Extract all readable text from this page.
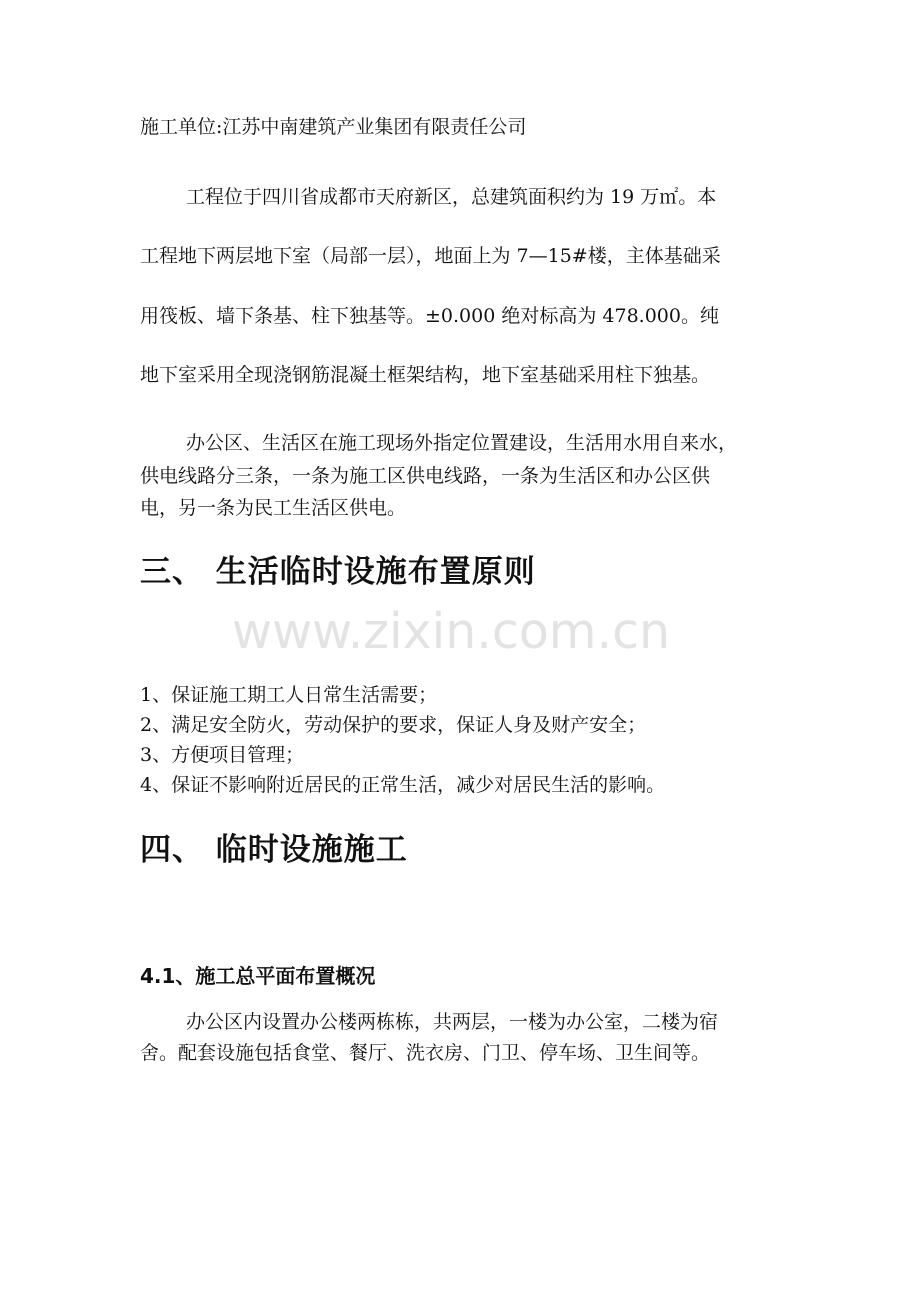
施工单位:江苏中南建筑产业集团有限责任公司
工程位于四川省成都市天府新区，总建筑面积约为 19 万㎡。本
工程地下两层地下室（局部一层），地面上为 7—15#楼，主体基础采
用筏板、墙下条基、柱下独基等。±0.000 绝对标高为 478.000。纯
地下室采用全现浇钢筋混凝土框架结构，地下室基础采用柱下独基。
办公区、生活区在施工现场外指定位置建设，生活用水用自来水，
供电线路分三条，一条为施工区供电线路，一条为生活区和办公区供
电，另一条为民工生活区供电。
三、 生活临时设施布置原则
www.zixin.com.cn
1、保证施工期工人日常生活需要；
2、满足安全防火，劳动保护的要求，保证人身及财产安全；
3、方便项目管理；
4、保证不影响附近居民的正常生活，减少对居民生活的影响。
四、 临时设施施工
4.1、施工总平面布置概况
办公区内设置办公楼两栋栋，共两层，一楼为办公室，二楼为宿
舍。配套设施包括食堂、餐厅、洗衣房、门卫、停车场、卫生间等。
